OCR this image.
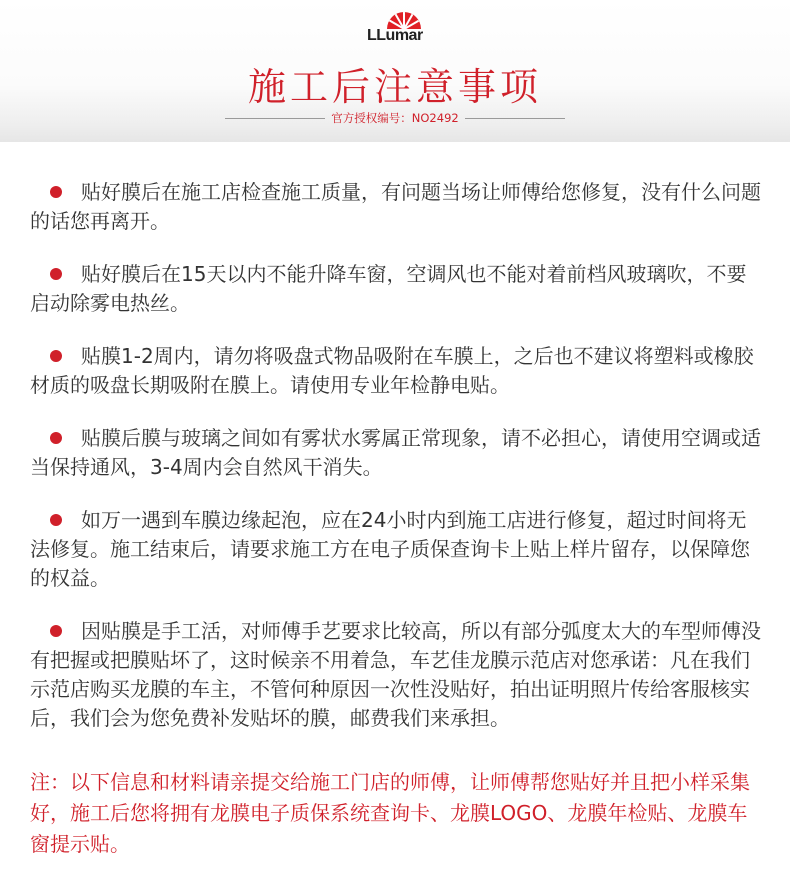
LLumar
施工后注意事项
官方授权编号：NO2492
贴好膜后在施工店检查施工质量，有问题当场让师傅给您修复，没有什么问题的话您再离开。
贴好膜后在15天以内不能升降车窗，空调风也不能对着前档风玻璃吹，不要启动除雾电热丝。
贴膜1-2周内，请勿将吸盘式物品吸附在车膜上，之后也不建议将塑料或橡胶材质的吸盘长期吸附在膜上。请使用专业年检静电贴。
贴膜后膜与玻璃之间如有雾状水雾属正常现象，请不必担心，请使用空调或适当保持通风，3-4周内会自然风干消失。
如万一遇到车膜边缘起泡，应在24小时内到施工店进行修复，超过时间将无法修复。施工结束后，请要求施工方在电子质保查询卡上贴上样片留存，以保障您的权益。
因贴膜是手工活，对师傅手艺要求比较高，所以有部分弧度太大的车型师傅没有把握或把膜贴坏了，这时候亲不用着急，车艺佳龙膜示范店对您承诺：凡在我们示范店购买龙膜的车主，不管何种原因一次性没贴好，拍出证明照片传给客服核实后，我们会为您免费补发贴坏的膜，邮费我们来承担。
注：以下信息和材料请亲提交给施工门店的师傅，让师傅帮您贴好并且把小样采集好，施工后您将拥有龙膜电子质保系统查询卡、龙膜LOGO、龙膜年检贴、龙膜车窗提示贴。
